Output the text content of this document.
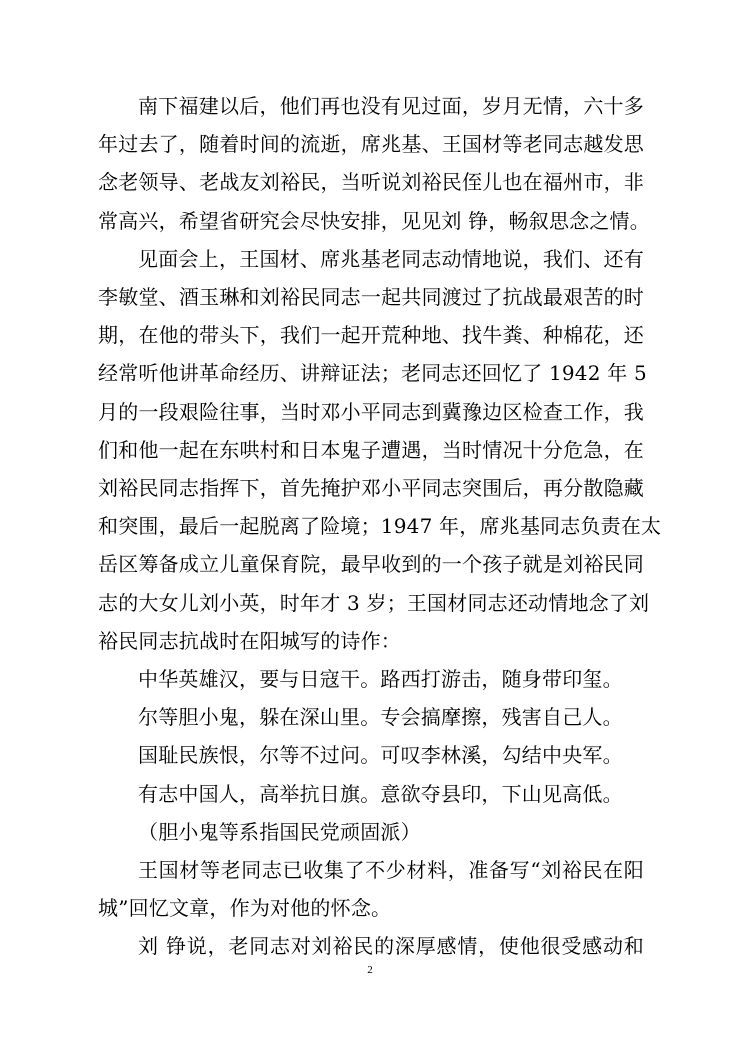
南下福建以后，他们再也没有见过面，岁月无情，六十多
年过去了，随着时间的流逝，席兆基、王国材等老同志越发思
念老领导、老战友刘裕民，当听说刘裕民侄儿也在福州市，非
常高兴，希望省研究会尽快安排，见见刘 铮，畅叙思念之情。
见面会上，王国材、席兆基老同志动情地说，我们、还有
李敏堂、酒玉琳和刘裕民同志一起共同渡过了抗战最艰苦的时
期，在他的带头下，我们一起开荒种地、找牛粪、种棉花，还
经常听他讲革命经历、讲辩证法；老同志还回忆了 1942 年 5
月的一段艰险往事，当时邓小平同志到冀豫边区检查工作，我
们和他一起在东哄村和日本鬼子遭遇，当时情况十分危急，在
刘裕民同志指挥下，首先掩护邓小平同志突围后，再分散隐藏
和突围，最后一起脱离了险境；1947 年，席兆基同志负责在太
岳区筹备成立儿童保育院，最早收到的一个孩子就是刘裕民同
志的大女儿刘小英，时年才 3 岁；王国材同志还动情地念了刘
裕民同志抗战时在阳城写的诗作：
中华英雄汉，要与日寇干。路西打游击，随身带印玺。
尔等胆小鬼，躲在深山里。专会搞摩擦，残害自己人。
国耻民族恨，尔等不过问。可叹李林溪，勾结中央军。
有志中国人，高举抗日旗。意欲夺县印，下山见高低。
（胆小鬼等系指国民党顽固派）
王国材等老同志已收集了不少材料，准备写“刘裕民在阳
城”回忆文章，作为对他的怀念。
刘 铮说，老同志对刘裕民的深厚感情，使他很受感动和
2
